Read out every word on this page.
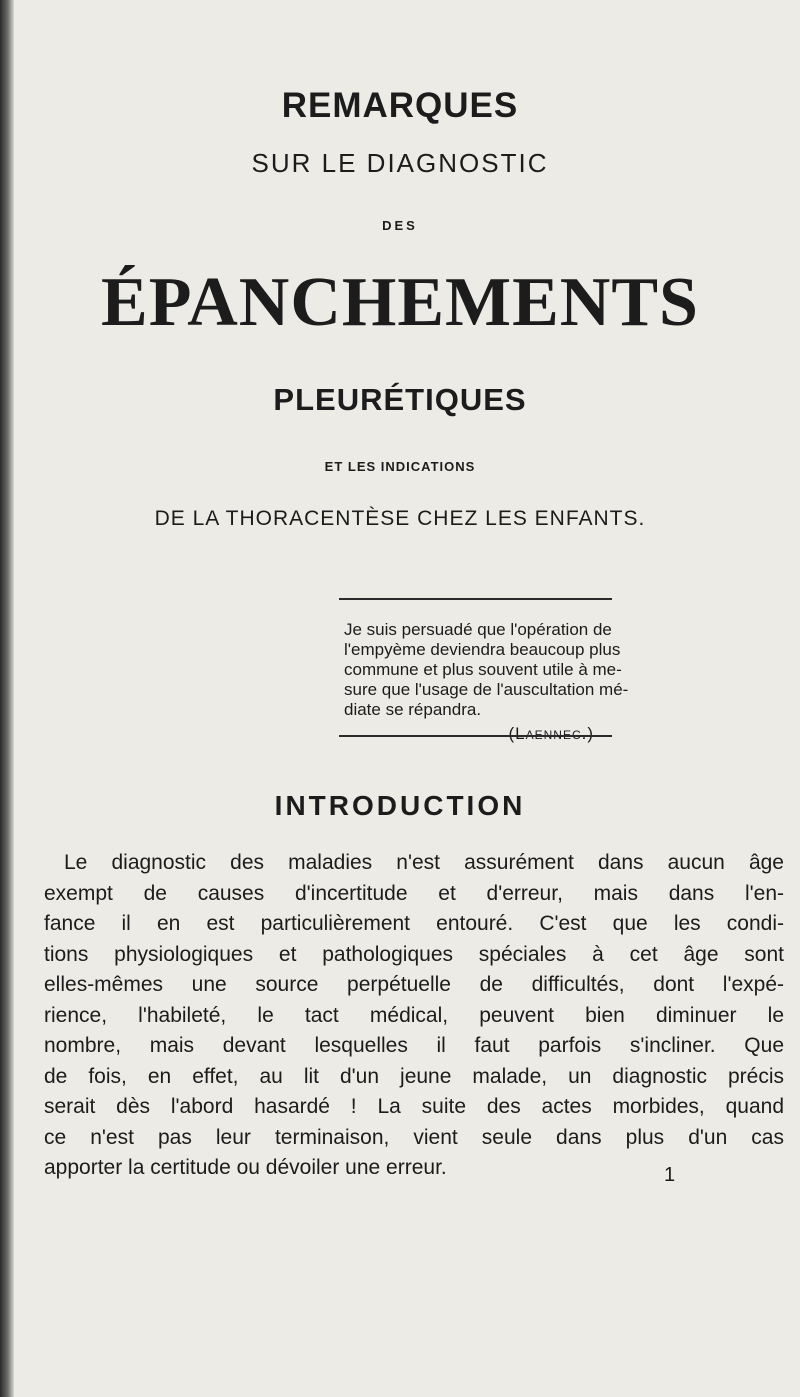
REMARQUES

SUR LE DIAGNOSTIC

DES

ÉPANCHEMENTS

PLEURÉTIQUES

ET LES INDICATIONS

DE LA THORACENTÈSE CHEZ LES ENFANTS.

Je suis persuadé que l'opération de
l'empyème deviendra beaucoup plus
commune et plus souvent utile à me-
sure que l'usage de l'auscultation mé-
diate se répandra.
(Laennec.)
INTRODUCTION
Le diagnostic des maladies n'est assurément dans aucun âge
exempt de causes d'incertitude et d'erreur, mais dans l'en-
fance il en est particulièrement entouré. C'est que les condi-
tions physiologiques et pathologiques spéciales à cet âge sont
elles-mêmes une source perpétuelle de difficultés, dont l'expé-
rience, l'habileté, le tact médical, peuvent bien diminuer le
nombre, mais devant lesquelles il faut parfois s'incliner. Que
de fois, en effet, au lit d'un jeune malade, un diagnostic précis
serait dès l'abord hasardé ! La suite des actes morbides, quand
ce n'est pas leur terminaison, vient seule dans plus d'un cas
apporter la certitude ou dévoiler une erreur.	1
